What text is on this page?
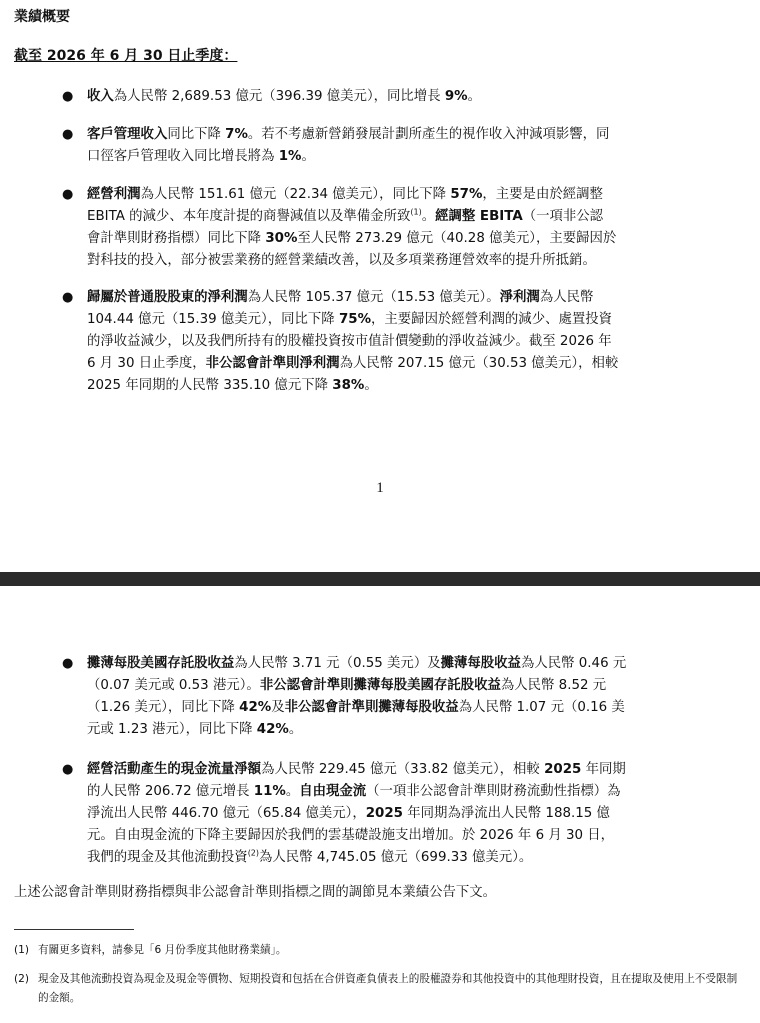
業績概要
截至 2026 年 6 月 30 日止季度：
● 收入為人民幣 2,689.53 億元（396.39 億美元），同比增長 9%。
● 客戶管理收入同比下降 7%。若不考慮新營銷發展計劃所產生的視作收入沖減項影響，同
口徑客戶管理收入同比增長將為 1%。
● 經營利潤為人民幣 151.61 億元（22.34 億美元），同比下降 57%，主要是由於經調整
EBITA 的減少、本年度計提的商譽減值以及準備金所致$^{(1)}$。經調整 EBITA（一項非公認
會計準則財務指標）同比下降 30%至人民幣 273.29 億元（40.28 億美元），主要歸因於
對科技的投入，部分被雲業務的經營業績改善，以及多項業務運營效率的提升所抵銷。
● 歸屬於普通股股東的淨利潤為人民幣 105.37 億元（15.53 億美元）。淨利潤為人民幣
104.44 億元（15.39 億美元），同比下降 75%，主要歸因於經營利潤的減少、處置投資
的淨收益減少，以及我們所持有的股權投資按市值計價變動的淨收益減少。截至 2026 年
6 月 30 日止季度，非公認會計準則淨利潤為人民幣 207.15 億元（30.53 億美元），相較
2025 年同期的人民幣 335.10 億元下降 38%。
1
● 攤薄每股美國存託股收益為人民幣 3.71 元（0.55 美元）及攤薄每股收益為人民幣 0.46 元
（0.07 美元或 0.53 港元）。非公認會計準則攤薄每股美國存託股收益為人民幣 8.52 元
（1.26 美元），同比下降 42%及非公認會計準則攤薄每股收益為人民幣 1.07 元（0.16 美
元或 1.23 港元），同比下降 42%。
● 經營活動產生的現金流量淨額為人民幣 229.45 億元（33.82 億美元），相較 2025 年同期
的人民幣 206.72 億元增長 11%。自由現金流（一項非公認會計準則財務流動性指標）為
淨流出人民幣 446.70 億元（65.84 億美元），2025 年同期為淨流出人民幣 188.15 億
元。自由現金流的下降主要歸因於我們的雲基礎設施支出增加。於 2026 年 6 月 30 日，
我們的現金及其他流動投資$^{(2)}$為人民幣 4,745.05 億元（699.33 億美元）。
上述公認會計準則財務指標與非公認會計準則指標之間的調節見本業績公告下文。
(1) 有關更多資料，請參見「6 月份季度其他財務業績」。
(2) 現金及其他流動投資為現金及現金等價物、短期投資和包括在合併資產負債表上的股權證券和其他投資中的其他理財投資，且在提取及使用上不受限制的金額。
